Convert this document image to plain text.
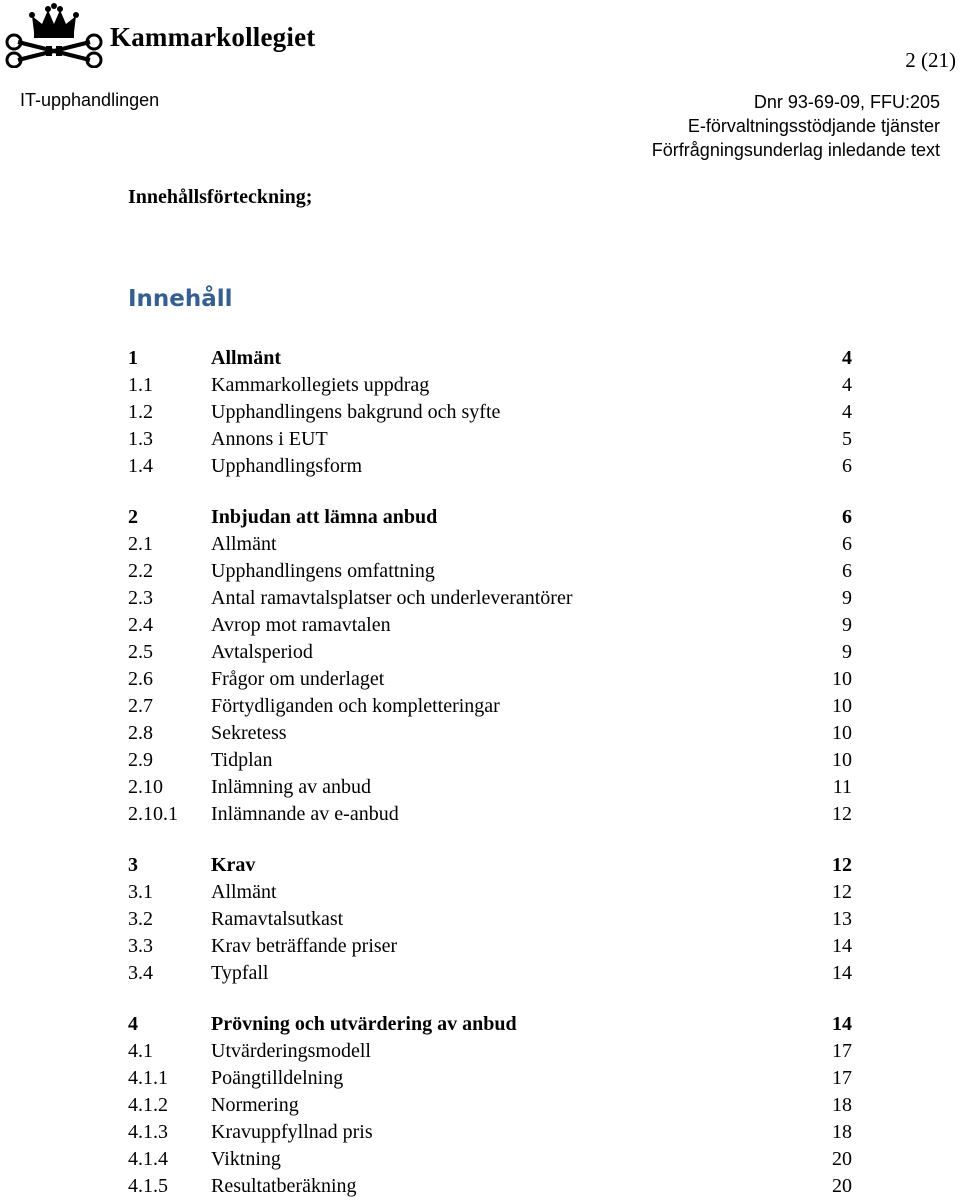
Kammarkollegiet
2 (21)
IT-upphandlingen	Dnr 93-69-09, FFU:205
E-förvaltningsstödjande tjänster
Förfrågningsunderlag inledande text
Innehållsförteckning;
Innehåll
1	Allmänt	4
1.1	Kammarkollegiets uppdrag	4
1.2	Upphandlingens bakgrund och syfte	4
1.3	Annons i EUT	5
1.4	Upphandlingsform	6
2	Inbjudan att lämna anbud	6
2.1	Allmänt	6
2.2	Upphandlingens omfattning	6
2.3	Antal ramavtalsplatser och underleverantörer	9
2.4	Avrop mot ramavtalen	9
2.5	Avtalsperiod	9
2.6	Frågor om underlaget	10
2.7	Förtydliganden och kompletteringar	10
2.8	Sekretess	10
2.9	Tidplan	10
2.10 Inlämning av anbud	11
2.10.1 Inlämnande av e-anbud	12
3	Krav	12
3.1	Allmänt	12
3.2	Ramavtalsutkast	13
3.3	Krav beträffande priser	14
3.4	Typfall	14
4	Prövning och utvärdering av anbud	14
4.1	Utvärderingsmodell	17
4.1.1 Poängtilldelning	17
4.1.2 Normering	18
4.1.3 Kravuppfyllnad pris	18
4.1.4 Viktning	20
4.1.5 Resultatberäkning	20
